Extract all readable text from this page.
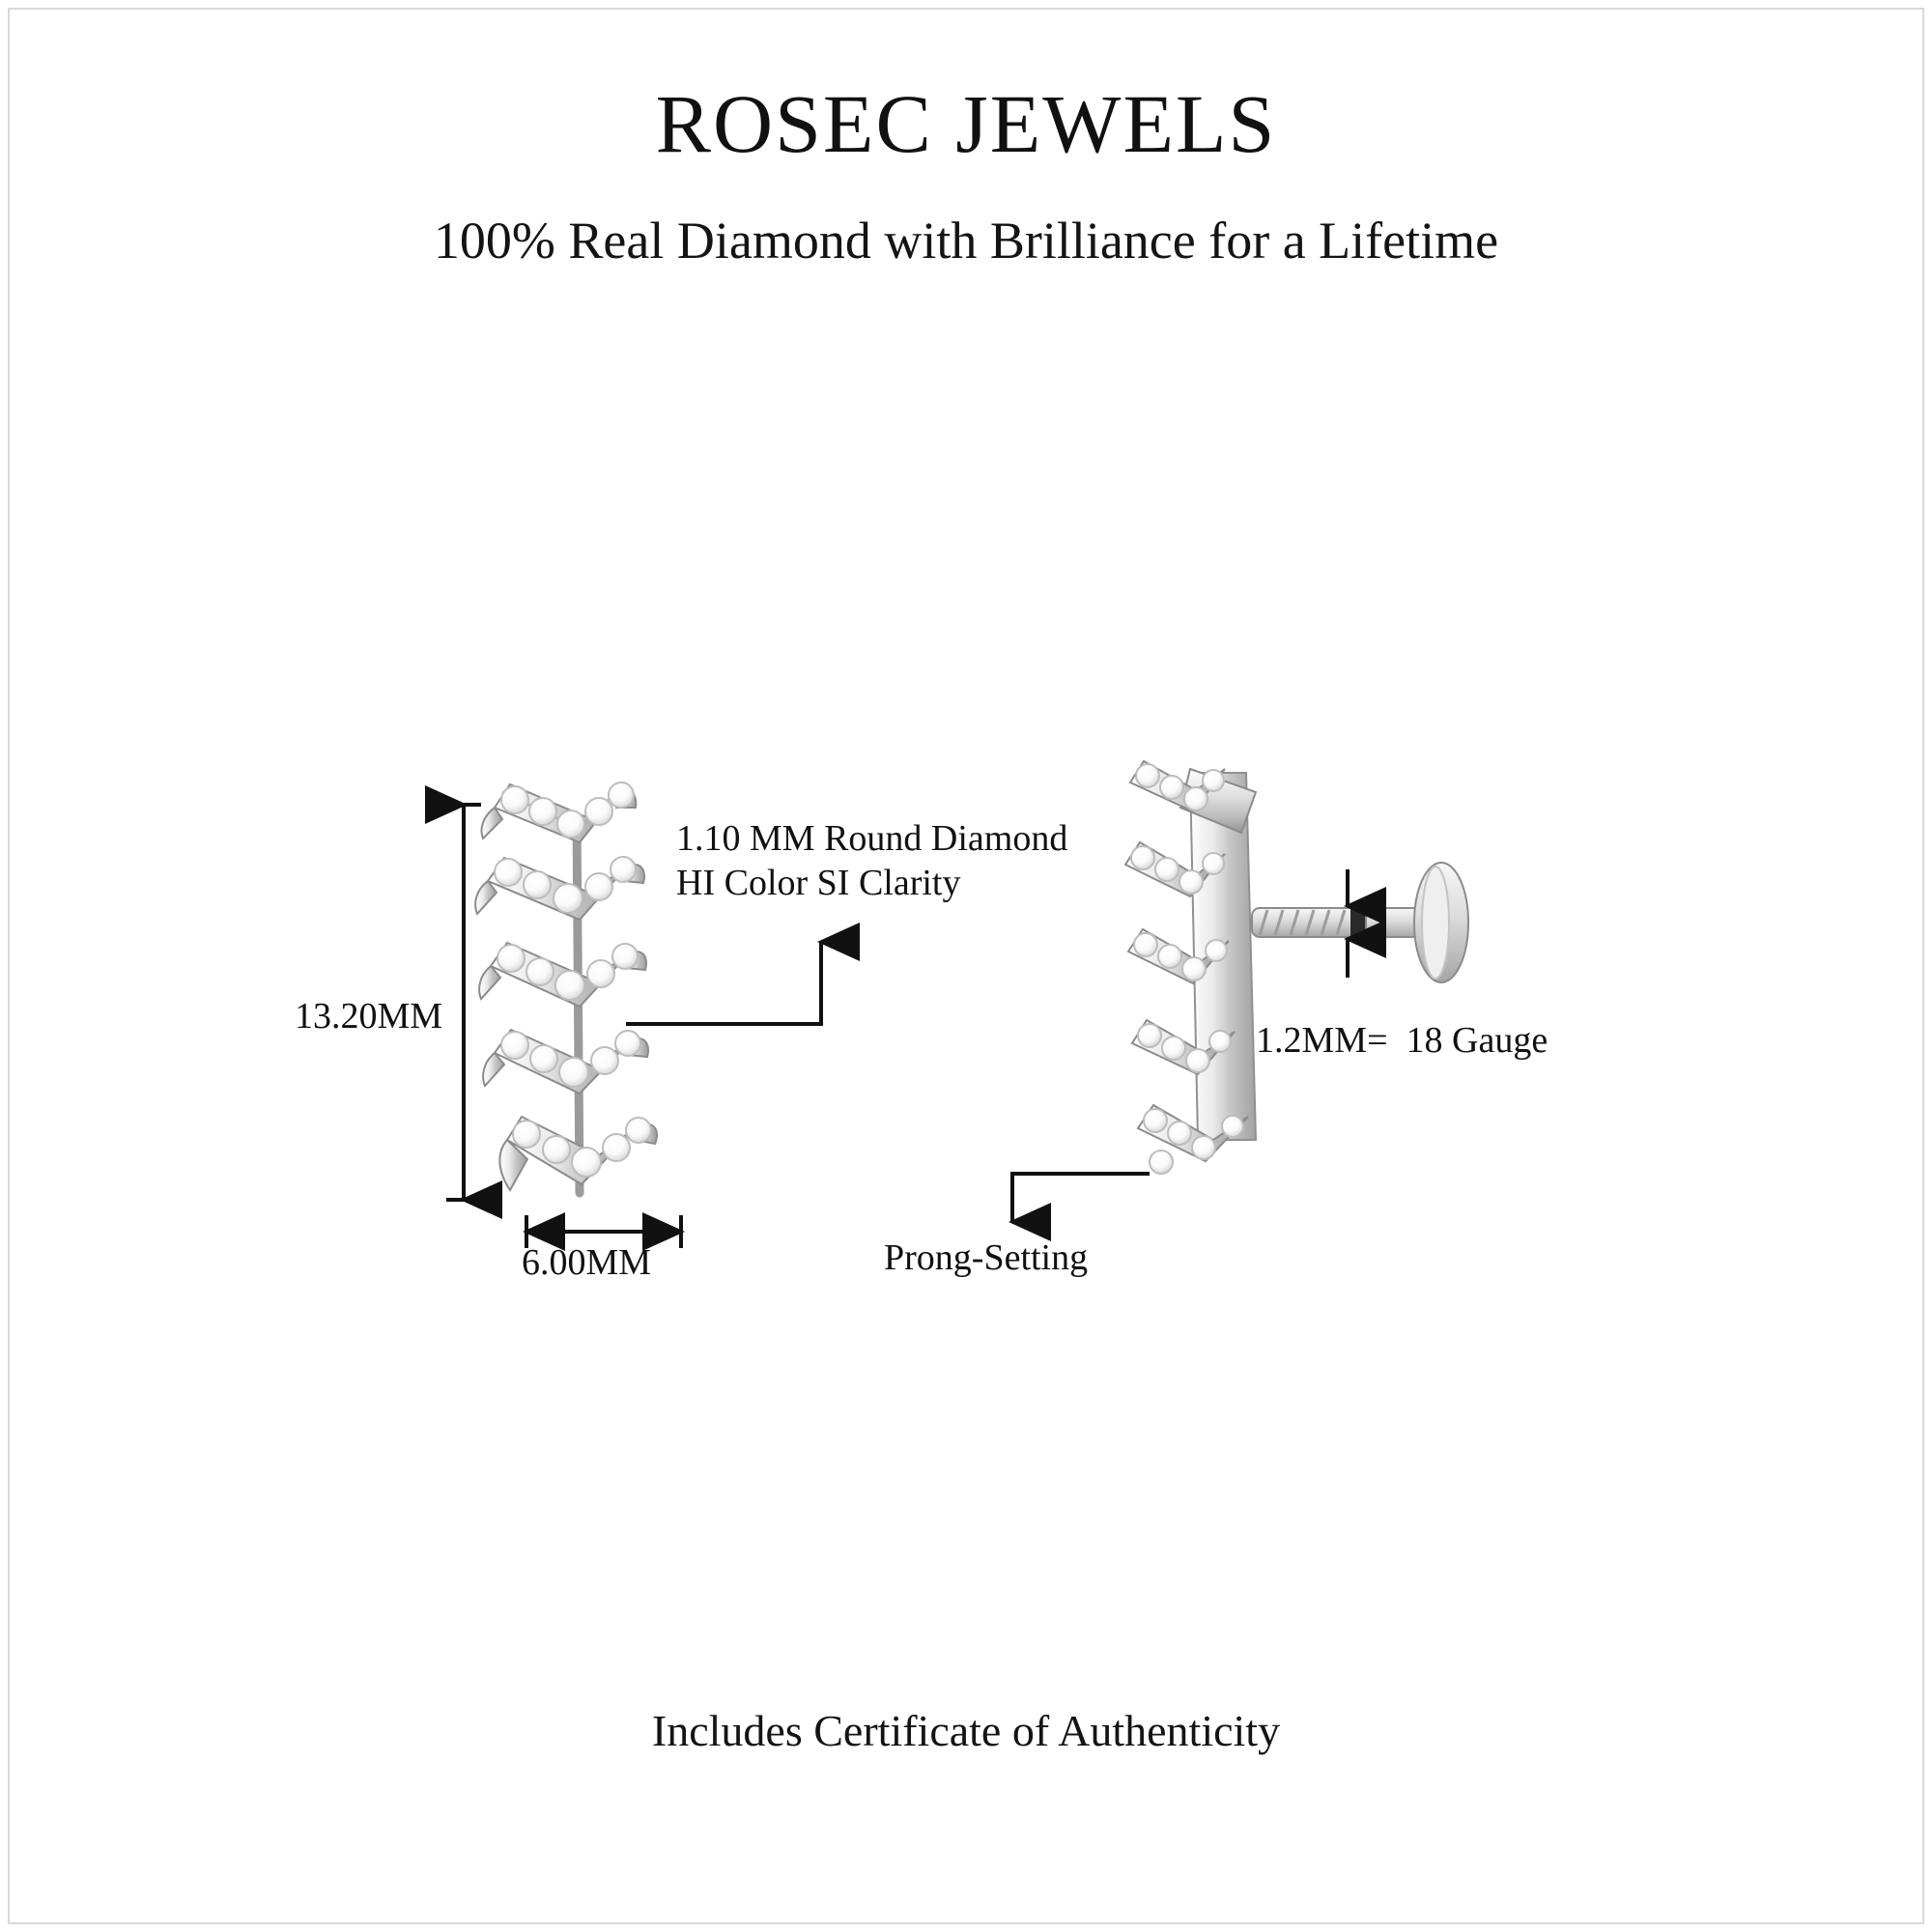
ROSEC JEWELS
100% Real Diamond with Brilliance for a Lifetime
13.20MM
6.00MM
1.10 MM Round Diamond
HI Color SI Clarity
1.2MM=  18 Gauge
Prong-Setting
Includes Certificate of Authenticity
